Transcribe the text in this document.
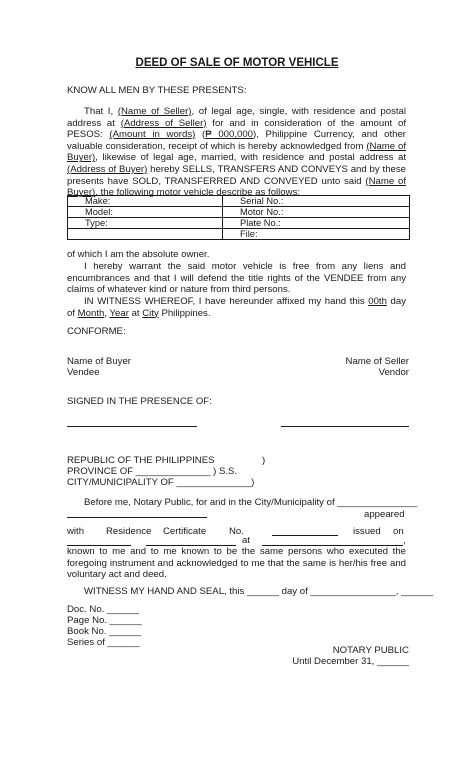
DEED OF SALE OF MOTOR VEHICLE
KNOW ALL MEN BY THESE PRESENTS:

That I, (Name of Seller), of legal age, single, with residence and postal address at (Address of Seller) for and in consideration of the amount of PESOS: (Amount in words) (₱ 000,000), Philippine Currency, and other valuable consideration, receipt of which is hereby acknowledged from (Name of Buyer), likewise of legal age, married, with residence and postal address at (Address of Buyer) hereby SELLS, TRANSFERS AND CONVEYS and by these presents have SOLD, TRANSFERRED AND CONVEYED unto said (Name of Buyer), the following motor vehicle describe as follows:

Make:	Serial No.:
Model:	Motor No.:
Type:	Plate No.:
	File:
of which I am the absolute owner.

I hereby warrant the said motor vehicle is free from any liens and encumbrances and that I will defend the title rights of the VENDEE from any claims of whatever kind or nature from third persons.

IN WITNESS WHEREOF, I have hereunder affixed my hand this 00th day of Month, Year at City Philippines.

CONFORME:
Name of Buyer
Vendee
Name of Seller
Vendor
SIGNED IN THE PRESENCE OF:
REPUBLIC OF THE PHILIPPINES	)
PROVINCE OF ______________ ) S.S.
CITY/MUNICIPALITY OF ______________)
Before me, Notary Public, for and in the City/Municipality of _______________
appeared
with Residence Certificate No.	issued on
at	,

known to me and to me known to be the same persons who executed the foregoing instrument and acknowledged to me that the same is her/his free and voluntary act and deed.

WITNESS MY HAND AND SEAL, this ______ day of ________________, ______
Doc. No. ______
Page No. ______
Book No. ______
Series of ______
NOTARY PUBLIC
Until December 31, ______
